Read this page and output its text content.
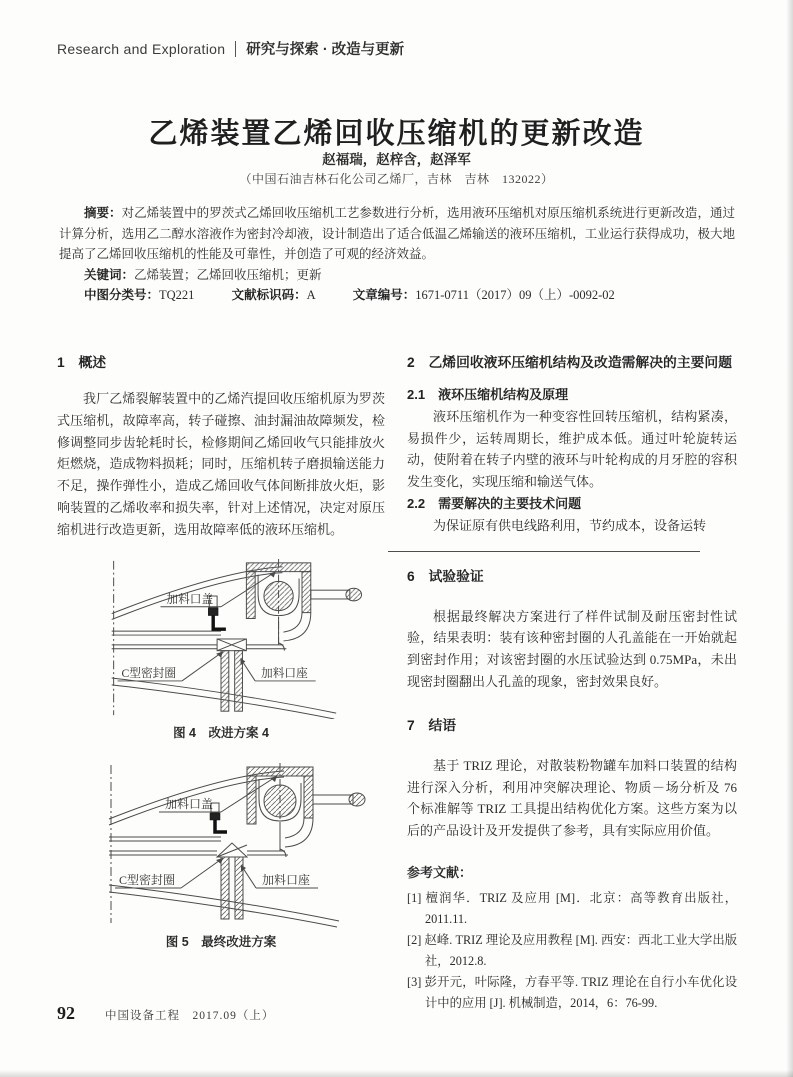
Research and Exploration 研究与探索 · 改造与更新
乙烯装置乙烯回收压缩机的更新改造
赵福瑞，赵梓含，赵泽军
（中国石油吉林石化公司乙烯厂，吉林　吉林　132022）

摘要：对乙烯装置中的罗茨式乙烯回收压缩机工艺参数进行分析，选用液环压缩机对原压缩机系统进行更新改造，通过计算分析，选用乙二醇水溶液作为密封冷却液，设计制造出了适合低温乙烯输送的液环压缩机，工业运行获得成功，极大地提高了乙烯回收压缩机的性能及可靠性，并创造了可观的经济效益。

关键词：乙烯装置；乙烯回收压缩机；更新

中图分类号：TQ221	文献标识码：A	文章编号：1671-0711（2017）09（上）-0092-02

1　概述

我厂乙烯裂解装置中的乙烯汽提回收压缩机原为罗茨式压缩机，故障率高，转子碰擦、油封漏油故障频发，检修调整同步齿轮耗时长，检修期间乙烯回收气只能排放火炬燃烧，造成物料损耗；同时，压缩机转子磨损输送能力不足，操作弹性小，造成乙烯回收气体间断排放火炬，影响装置的乙烯收率和损失率，针对上述情况，决定对原压缩机进行改造更新，选用故障率低的液环压缩机。

加料口盖
C型密封圈	加料口座
图 4　改进方案 4
加料口盖
C型密封圈	加料口座
图 5　最终改进方案
2　乙烯回收液环压缩机结构及改造需解决的主要问题
2.1　液环压缩机结构及原理

液环压缩机作为一种变容性回转压缩机，结构紧凑，易损件少，运转周期长，维护成本低。通过叶轮旋转运动，使附着在转子内壁的液环与叶轮构成的月牙腔的容积发生变化，实现压缩和输送气体。

2.2　需要解决的主要技术问题

为保证原有供电线路利用，节约成本，设备运转

6　试验验证

根据最终解决方案进行了样件试制及耐压密封性试验，结果表明：装有该种密封圈的人孔盖能在一开始就起到密封作用；对该密封圈的水压试验达到 0.75MPa，未出现密封圈翻出人孔盖的现象，密封效果良好。

7　结语

基于 TRIZ 理论，对散装粉物罐车加料口装置的结构进行深入分析，利用冲突解决理论、物质－场分析及 76 个标准解等 TRIZ 工具提出结构优化方案。这些方案为以后的产品设计及开发提供了参考，具有实际应用价值。

参考文献：

[1] 檀润华．TRIZ 及应用 [M]．北京：高等教育出版社，2011.11.

[2] 赵峰. TRIZ 理论及应用教程 [M]. 西安：西北工业大学出版社，2012.8.

[3] 彭开元，叶际隆，方春平等. TRIZ 理论在自行小车优化设计中的应用 [J]. 机械制造，2014，6：76-99.

92	中国设备工程　2017.09（上）
